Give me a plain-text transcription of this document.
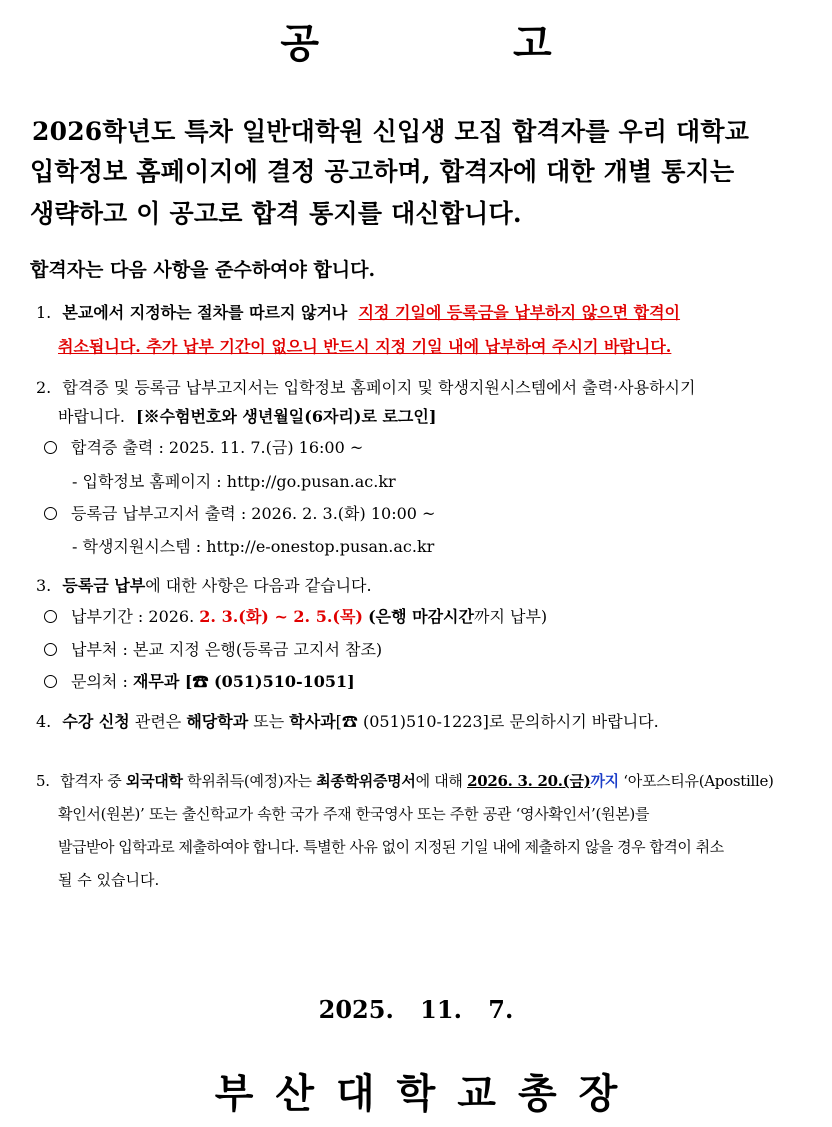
공 고
2026학년도 특차 일반대학원 신입생 모집 합격자를 우리 대학교
입학정보 홈페이지에 결정 공고하며, 합격자에 대한 개별 통지는
생략하고 이 공고로 합격 통지를 대신합니다.
합격자는 다음 사항을 준수하여야 합니다.
1. 본교에서 지정하는 절차를 따르지 않거나 지정 기일에 등록금을 납부하지 않으면 합격이
취소됩니다. 추가 납부 기간이 없으니 반드시 지정 기일 내에 납부하여 주시기 바랍니다.
2. 합격증 및 등록금 납부고지서는 입학정보 홈페이지 및 학생지원시스템에서 출력·사용하시기
바랍니다. [※수험번호와 생년월일(6자리)로 로그인]
합격증 출력 : 2025. 11. 7.(금) 16:00 ~
- 입학정보 홈페이지 : http://go.pusan.ac.kr
등록금 납부고지서 출력 : 2026. 2. 3.(화) 10:00 ~
- 학생지원시스템 : http://e-onestop.pusan.ac.kr
3. 등록금 납부에 대한 사항은 다음과 같습니다.
납부기간 : 2026. 2. 3.(화) ~ 2. 5.(목) (은행 마감시간까지 납부)
납부처 : 본교 지정 은행(등록금 고지서 참조)
문의처 : 재무과 [☎ (051)510-1051]
4. 수강 신청 관련은 해당학과 또는 학사과[☎ (051)510-1223]로 문의하시기 바랍니다.
5. 합격자 중 외국대학 학위취득(예정)자는 최종학위증명서에 대해 2026. 3. 20.(금)까지 ‘아포스티유(Apostille)
확인서(원본)’ 또는 출신학교가 속한 국가 주재 한국영사 또는 주한 공관 ‘영사확인서’(원본)를
발급받아 입학과로 제출하여야 합니다. 특별한 사유 없이 지정된 기일 내에 제출하지 않을 경우 합격이 취소
될 수 있습니다.
2025. 11. 7.
부산대학교총장
